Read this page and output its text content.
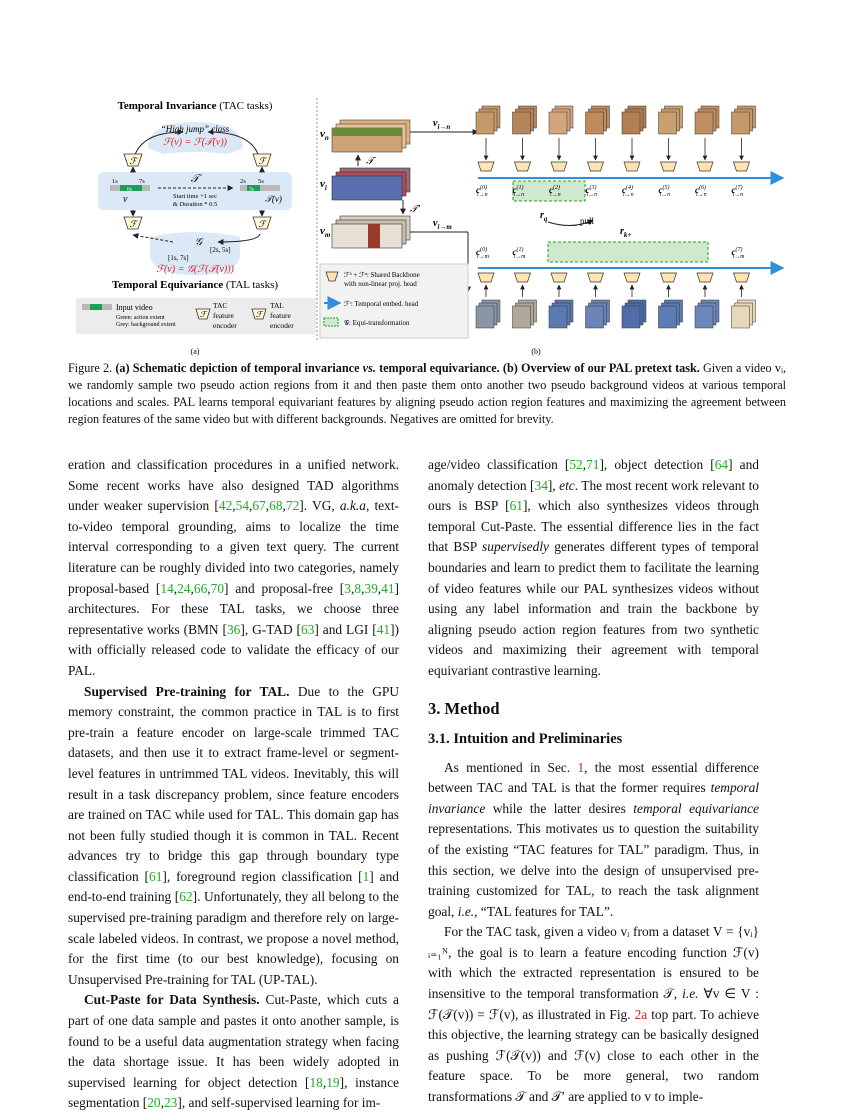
Temporal Invariance (TAC tasks)
“High jump” class
ℱ(v) = ℱ(𝒯(v))
ℱ	ℱ
1s	7s
6s
2s 5s
3s
𝒯
Start time +1 sec
& Duration * 0.5
v	𝒯(v)
ℱ	ℱ
𝒢
[2s, 5s]
[1s, 7s]
ℱ(v) = 𝒢(ℱ(𝒯(v)))
Temporal Equivariance (TAL tasks)
Input video
Green: action extent
Grey: background extent
ℱ
TAC
feature
encoder
ℱ
TAL
feature
encoder
(a)
$v_n$
𝒯
$v_i$
𝒯′
$v_m$
$v_{i\to n}$
$v_{i\to m}$
$c^{(0)}$ i→n	$c^{(1)}$ i→n	$c^{(2)}$ i→n	$c^{(3)}$ i→n	$c^{(4)}$ i→n	$c^{(5)}$ i→n	$c^{(6)}$ i→n	$c^{(7)}$ i→n
$r_q$	pull
$r_{k+}$
$c^{(0)}$ i→m	$c^{(1)}$ i→m	$c^{(7)}$ i→m
ℱᵇ + ℱⁿ: Shared Backbone
with non-linear proj. head
ℱᵗ: Temporal embed. head
𝒢: Equi-transformation
(b)
Figure 2. (a) Schematic depiction of temporal invariance vs. temporal equivariance. (b) Overview of our PAL pretext task. Given a video vᵢ, we randomly sample two pseudo action regions from it and then paste them onto another two pseudo background videos at various temporal locations and scales. PAL learns temporal equivariant features by aligning pseudo action region features and maximizing the agreement between region features of the same video but with different backgrounds. Negatives are omitted for brevity.

eration and classification procedures in a unified network. Some recent works have also designed TAD algorithms under weaker supervision [42,54,67,68,72]. VG, a.k.a, text-to-video temporal grounding, aims to localize the time interval corresponding to a given text query. The current literature can be roughly divided into two categories, namely proposal-based [14,24,66,70] and proposal-free [3,8,39,41] architectures. For these TAL tasks, we choose three representative works (BMN [36], G-TAD [63] and LGI [41]) with officially released code to validate the efficacy of our PAL.

Supervised Pre-training for TAL. Due to the GPU memory constraint, the common practice in TAL is to first pre-train a feature encoder on large-scale trimmed TAC datasets, and then use it to extract frame-level or segment-level features in untrimmed TAL videos. Inevitably, this will result in a task discrepancy problem, since feature encoders are trained on TAC while used for TAL. This domain gap has not been fully studied though it is common in TAL. Recent advances try to bridge this gap through boundary type classification [61], foreground region classification [1] and end-to-end training [62]. Unfortunately, they all belong to the supervised pre-training paradigm and therefore rely on large-scale labeled videos. In contrast, we propose a novel method, for the first time (to our best knowledge), focusing on Unsupervised Pre-training for TAL (UP-TAL).

Cut-Paste for Data Synthesis. Cut-Paste, which cuts a part of one data sample and pastes it onto another sample, is found to be a useful data augmentation strategy when facing the data shortage issue. It has been widely adopted in supervised learning for object detection [18,19], instance segmentation [20,23], and self-supervised learning for im-

age/video classification [52,71], object detection [64] and anomaly detection [34], etc. The most recent work relevant to ours is BSP [61], which also synthesizes videos through temporal Cut-Paste. The essential difference lies in the fact that BSP supervisedly generates different types of temporal boundaries and learn to predict them to facilitate the learning of video features while our PAL synthesizes videos without using any label information and train the backbone by aligning pseudo action region features from two synthetic videos and maximizing their agreement with temporal equivariant contrastive learning.

3. Method
3.1. Intuition and Preliminaries

As mentioned in Sec. 1, the most essential difference between TAC and TAL is that the former requires temporal invariance while the latter desires temporal equivariance representations. This motivates us to question the suitability of the existing “TAC features for TAL” paradigm. Thus, in this section, we delve into the design of unsupervised pre-training customized for TAL, to reach the task alignment goal, i.e., “TAL features for TAL”.

For the TAC task, given a video vᵢ from a dataset V = {vᵢ}ᵢ₌₁ᴺ, the goal is to learn a feature encoding function ℱ(v) with which the extracted representation is ensured to be insensitive to the temporal transformation 𝒯, i.e. ∀v ∈ V : ℱ(𝒯(v)) = ℱ(v), as illustrated in Fig. 2a top part. To achieve this objective, the learning strategy can be basically designed as pushing ℱ(𝒯(v)) and ℱ(v) close to each other in the feature space. To be more general, two random transformations 𝒯 and 𝒯′ are applied to v to imple-
